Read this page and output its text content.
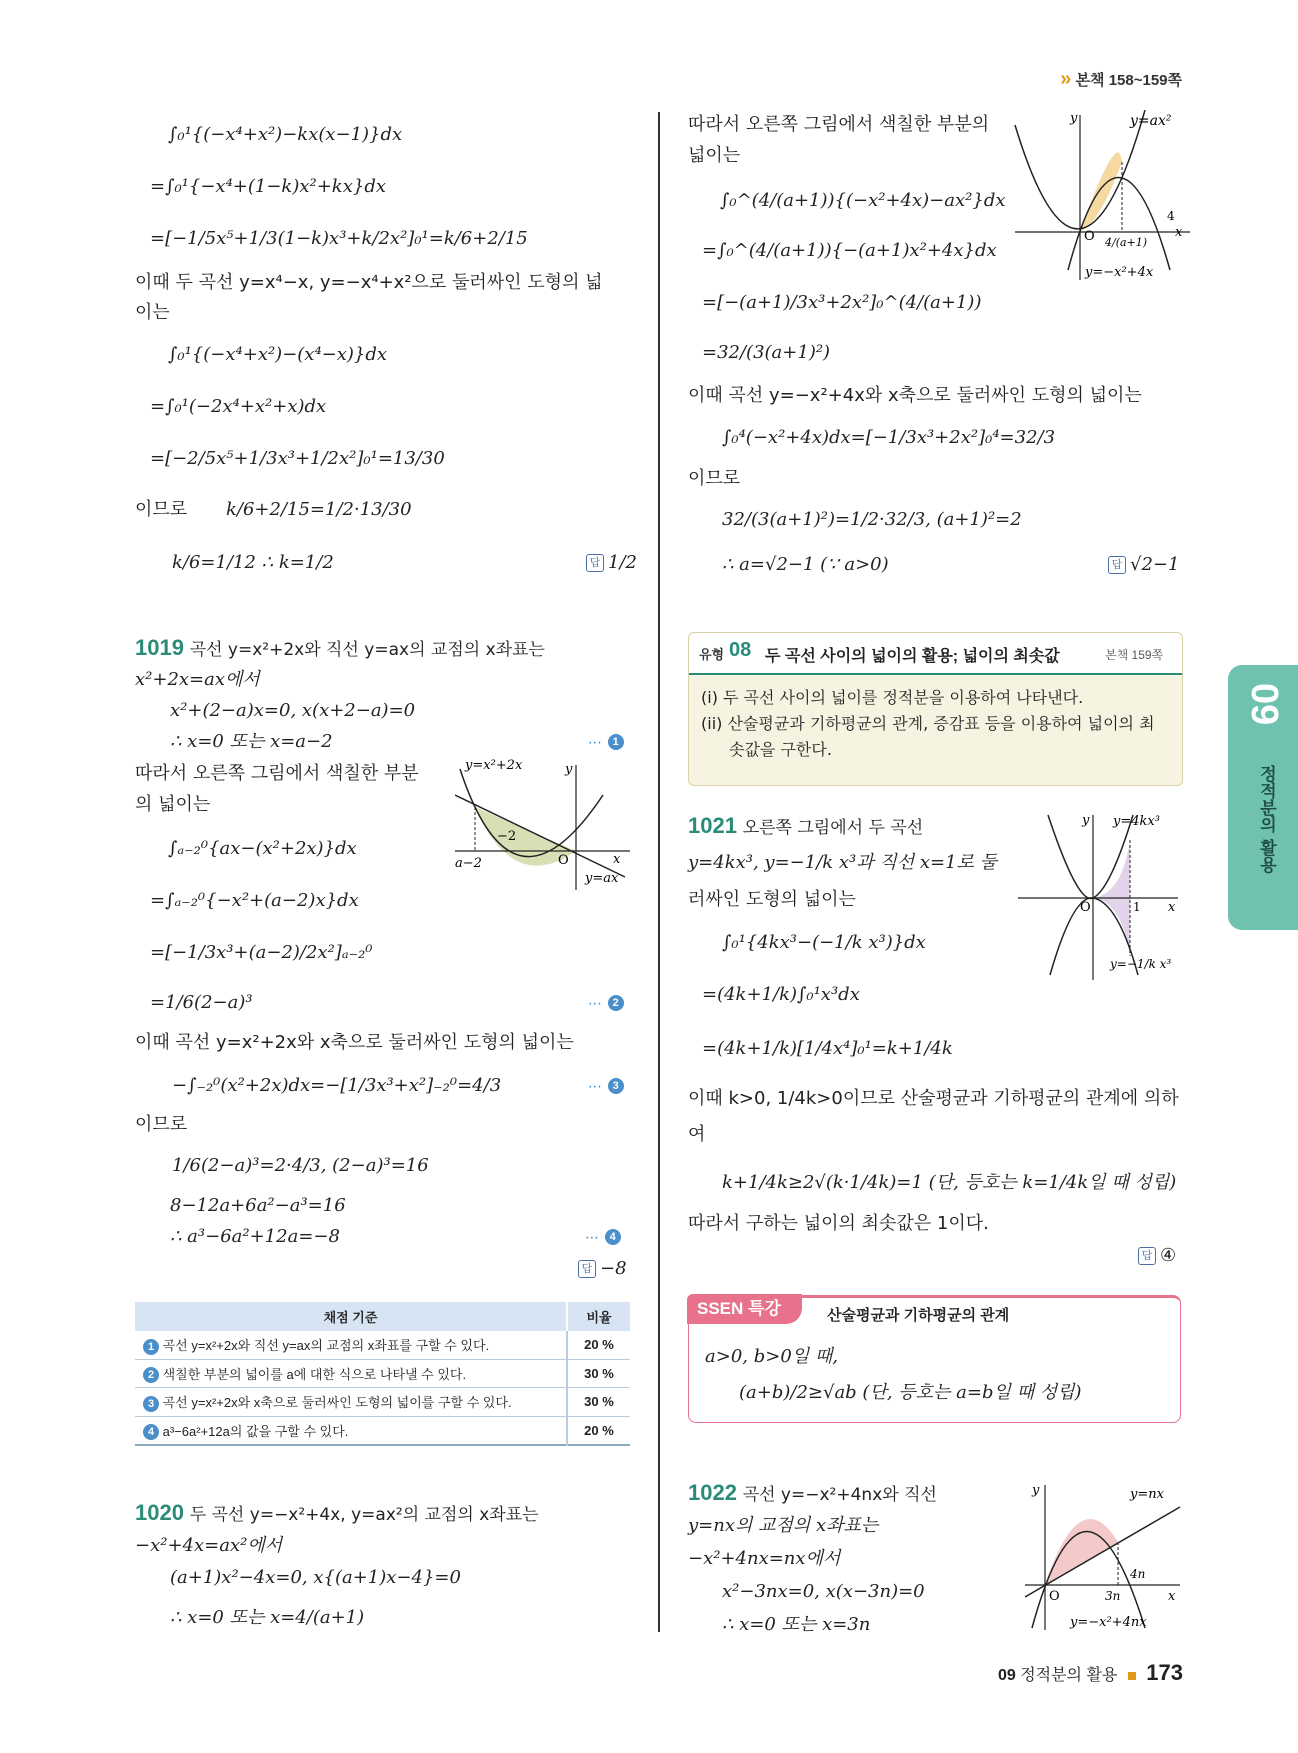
» 본책 158~159쪽
∫₀¹{(−x⁴+x²)−kx(x−1)}dx
=∫₀¹{−x⁴+(1−k)x²+kx}dx
=[−1/5x⁵+1/3(1−k)x³+k/2x²]₀¹=k/6+2/15
이때 두 곡선 y=x⁴−x, y=−x⁴+x²으로 둘러싸인 도형의 넓
이는
∫₀¹{(−x⁴+x²)−(x⁴−x)}dx
=∫₀¹(−2x⁴+x²+x)dx
=[−2/5x⁵+1/3x³+1/2x²]₀¹=13/30
이므로 k/6+2/15=1/2·13/30
k/6=1/12 ∴ k=1/2	답 1/2
1019 곡선 y=x²+2x와 직선 y=ax의 교점의 x좌표는
x²+2x=ax에서
x²+(2−a)x=0, x(x+2−a)=0
∴ x=0 또는 x=a−2	⋯ 1
따라서 오른쪽 그림에서 색칠한 부분
의 넓이는
∫ₐ₋₂⁰{ax−(x²+2x)}dx
=∫ₐ₋₂⁰{−x²+(a−2)x}dx
=[−1/3x³+(a−2)/2x²]ₐ₋₂⁰
=1/6(2−a)³	⋯ 2
이때 곡선 y=x²+2x와 x축으로 둘러싸인 도형의 넓이는
−∫₋₂⁰(x²+2x)dx=−[1/3x³+x²]₋₂⁰=4/3	⋯ 3
이므로
1/6(2−a)³=2·4/3, (2−a)³=16
8−12a+6a²−a³=16
∴ a³−6a²+12a=−8	⋯ 4
답 −8
y=x²+2x	y
a−2
−2
O	x
y=ax
채점 기준	비율
1 곡선 y=x²+2x와 직선 y=ax의 교점의 x좌표를 구할 수 있다.	20 %
2 색칠한 부분의 넓이를 a에 대한 식으로 나타낼 수 있다.	30 %
3 곡선 y=x²+2x와 x축으로 둘러싸인 도형의 넓이를 구할 수 있다.	30 %
4 a³−6a²+12a의 값을 구할 수 있다.	20 %
1020 두 곡선 y=−x²+4x, y=ax²의 교점의 x좌표는
−x²+4x=ax²에서
(a+1)x²−4x=0, x{(a+1)x−4}=0
∴ x=0 또는 x=4/(a+1)
따라서 오른쪽 그림에서 색칠한 부분의
넓이는
∫₀^(4/(a+1)){(−x²+4x)−ax²}dx
=∫₀^(4/(a+1)){−(a+1)x²+4x}dx
=[−(a+1)/3x³+2x²]₀^(4/(a+1))
=32/(3(a+1)²)
이때 곡선 y=−x²+4x와 x축으로 둘러싸인 도형의 넓이는
∫₀⁴(−x²+4x)dx=[−1/3x³+2x²]₀⁴=32/3
이므로
32/(3(a+1)²)=1/2·32/3, (a+1)²=2
∴ a=√2−1 (∵ a>0)	답 √2−1
y=ax²
y
4
O 4/(a+1)
x
y=−x²+4x
유형 08 두 곡선 사이의 넓이의 활용; 넓이의 최솟값	본책 159쪽
(i) 두 곡선 사이의 넓이를 정적분을 이용하여 나타낸다.
(ii) 산술평균과 기하평균의 관계, 증감표 등을 이용하여 넓이의 최
솟값을 구한다.
1021 오른쪽 그림에서 두 곡선
y=4kx³, y=−1/k x³과 직선 x=1로 둘
러싸인 도형의 넓이는
∫₀¹{4kx³−(−1/k x³)}dx
=(4k+1/k)∫₀¹x³dx
=(4k+1/k)[1/4x⁴]₀¹=k+1/4k
이때 k>0, 1/4k>0이므로 산술평균과 기하평균의 관계에 의하
여
k+1/4k≥2√(k·1/4k)=1 (단, 등호는 k=1/4k일 때 성립)
따라서 구하는 넓이의 최솟값은 1이다.
답 ④
y=4kx³
y
O	1 x
y=−1/k x³
SSEN 특강	산술평균과 기하평균의 관계
a>0, b>0일 때,
(a+b)/2≥√ab (단, 등호는 a=b일 때 성립)
1022 곡선 y=−x²+4nx와 직선
y=nx의 교점의 x좌표는
−x²+4nx=nx에서
x²−3nx=0, x(x−3n)=0
∴ x=0 또는 x=3n
y=nx
y
4n
O	3n	x
y=−x²+4nx
09
정적분의 활용
09 정적분의 활용 173
